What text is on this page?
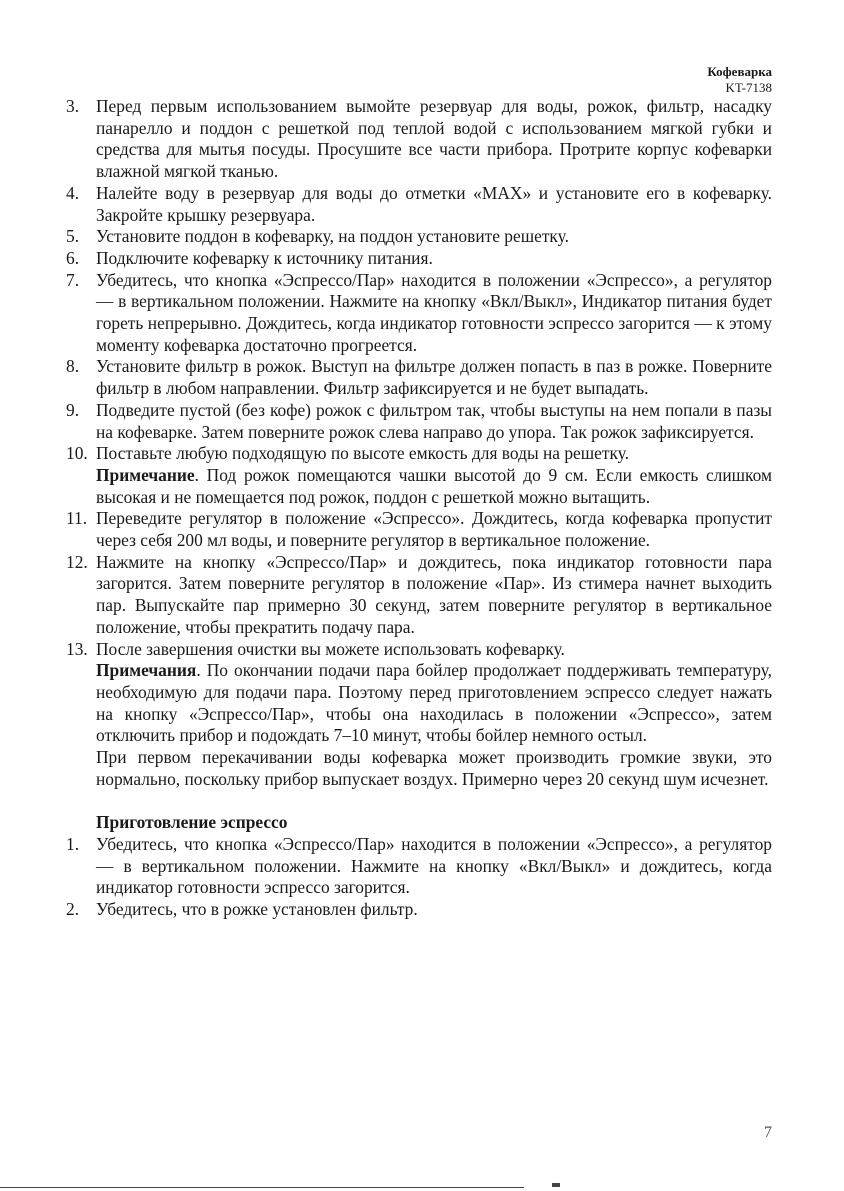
Кофеварка
KT-7138
3. Перед первым использованием вымойте резервуар для воды, рожок, фильтр, насадку панарелло и поддон с решеткой под теплой водой с использованием мягкой губки и средства для мытья посуды. Просушите все части прибора. Протрите корпус кофеварки влажной мягкой тканью.

4. Налейте воду в резервуар для воды до отметки «MAX» и установите его в кофеварку. Закройте крышку резервуара.

5. Установите поддон в кофеварку, на поддон установите решетку.

6. Подключите кофеварку к источнику питания.

7. Убедитесь, что кнопка «Эспрессо/Пар» находится в положении «Эспрессо», а регулятор — в вертикальном положении. Нажмите на кнопку «Вкл/Выкл», Индикатор питания будет гореть непрерывно. Дождитесь, когда индикатор готовности эспрессо загорится — к этому моменту кофеварка достаточно прогреется.

8. Установите фильтр в рожок. Выступ на фильтре должен попасть в паз в рожке. Поверните фильтр в любом направлении. Фильтр зафиксируется и не будет выпадать.

9. Подведите пустой (без кофе) рожок с фильтром так, чтобы выступы на нем попали в пазы на кофеварке. Затем поверните рожок слева направо до упора. Так рожок зафиксируется.

10. Поставьте любую подходящую по высоте емкость для воды на решетку.

Примечание. Под рожок помещаются чашки высотой до 9 см. Если емкость слишком высокая и не помещается под рожок, поддон с решеткой можно вытащить.

11. Переведите регулятор в положение «Эспрессо». Дождитесь, когда кофеварка пропустит через себя 200 мл воды, и поверните регулятор в вертикальное положение.

12. Нажмите на кнопку «Эспрессо/Пар» и дождитесь, пока индикатор готовности пара загорится. Затем поверните регулятор в положение «Пар». Из стимера начнет выходить пар. Выпускайте пар примерно 30 секунд, затем поверните регулятор в вертикальное положение, чтобы прекратить подачу пара.

13. После завершения очистки вы можете использовать кофеварку.

Примечания. По окончании подачи пара бойлер продолжает поддерживать температуру, необходимую для подачи пара. Поэтому перед приготовлением эспрессо следует нажать на кнопку «Эспрессо/Пар», чтобы она находилась в положении «Эспрессо», затем отключить прибор и подождать 7–10 минут, чтобы бойлер немного остыл.

При первом перекачивании воды кофеварка может производить громкие звуки, это нормально, поскольку прибор выпускает воздух. Примерно через 20 секунд шум исчезнет.

Приготовление эспрессо
1. Убедитесь, что кнопка «Эспрессо/Пар» находится в положении «Эспрессо», а регулятор — в вертикальном положении. Нажмите на кнопку «Вкл/Выкл» и дождитесь, когда индикатор готовности эспрессо загорится.

2. Убедитесь, что в рожке установлен фильтр.

7
